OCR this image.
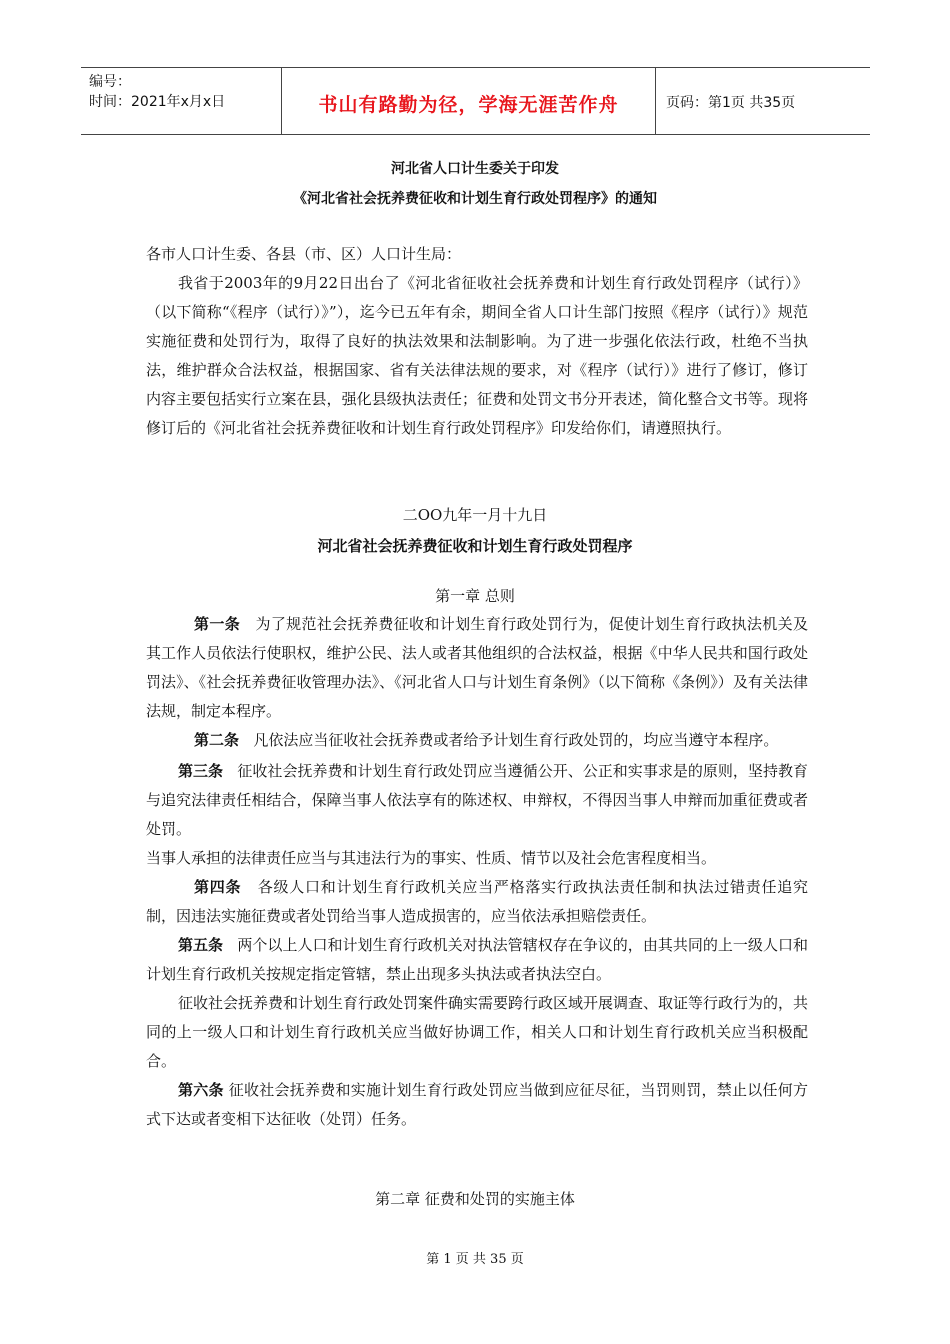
编号：
时间：2021年x月x日	书山有路勤为径，学海无涯苦作舟	页码：第1页 共35页
河北省人口计生委关于印发
《河北省社会抚养费征收和计划生育行政处罚程序》的通知

各市人口计生委、各县（市、区）人口计生局：

我省于2003年的9月22日出台了《河北省征收社会抚养费和计划生育行政处罚程序（试行）》（以下简称“《程序（试行）》”），迄今已五年有余，期间全省人口计生部门按照《程序（试行）》规范实施征费和处罚行为，取得了良好的执法效果和法制影响。为了进一步强化依法行政，杜绝不当执法，维护群众合法权益，根据国家、省有关法律法规的要求，对《程序（试行）》进行了修订，修订内容主要包括实行立案在县，强化县级执法责任；征费和处罚文书分开表述，简化整合文书等。现将修订后的《河北省社会抚养费征收和计划生育行政处罚程序》印发给你们，请遵照执行。

二OO九年一月十九日
河北省社会抚养费征收和计划生育行政处罚程序
第一章 总则

第一条 为了规范社会抚养费征收和计划生育行政处罚行为，促使计划生育行政执法机关及其工作人员依法行使职权，维护公民、法人或者其他组织的合法权益，根据《中华人民共和国行政处罚法》、《社会抚养费征收管理办法》、《河北省人口与计划生育条例》（以下简称《条例》）及有关法律法规，制定本程序。

第二条 凡依法应当征收社会抚养费或者给予计划生育行政处罚的，均应当遵守本程序。

第三条 征收社会抚养费和计划生育行政处罚应当遵循公开、公正和实事求是的原则，坚持教育与追究法律责任相结合，保障当事人依法享有的陈述权、申辩权，不得因当事人申辩而加重征费或者处罚。

当事人承担的法律责任应当与其违法行为的事实、性质、情节以及社会危害程度相当。

第四条 各级人口和计划生育行政机关应当严格落实行政执法责任制和执法过错责任追究制，因违法实施征费或者处罚给当事人造成损害的，应当依法承担赔偿责任。

第五条 两个以上人口和计划生育行政机关对执法管辖权存在争议的，由其共同的上一级人口和计划生育行政机关按规定指定管辖，禁止出现多头执法或者执法空白。

征收社会抚养费和计划生育行政处罚案件确实需要跨行政区域开展调查、取证等行政行为的，共同的上一级人口和计划生育行政机关应当做好协调工作，相关人口和计划生育行政机关应当积极配合。

第六条 征收社会抚养费和实施计划生育行政处罚应当做到应征尽征，当罚则罚，禁止以任何方式下达或者变相下达征收（处罚）任务。

第二章 征费和处罚的实施主体
第 1 页 共 35 页
